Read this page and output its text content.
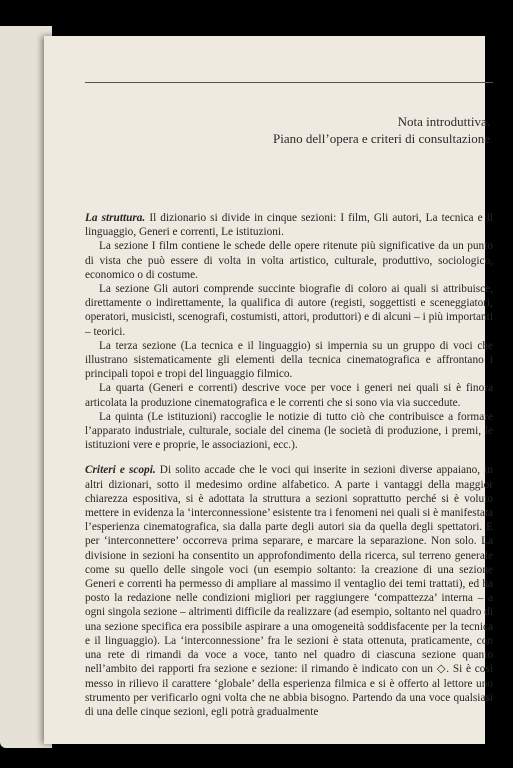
Nota introduttiva.
Piano dell’opera e criteri di consultazione

La struttura. Il dizionario si divide in cinque sezioni: I film, Gli autori, La tecnica e il linguaggio, Generi e correnti, Le istituzioni.

La sezione I film contiene le schede delle opere ritenute più significative da un punto di vista che può essere di volta in volta artistico, culturale, produttivo, sociologico, economico o di costume.

La sezione Gli autori comprende succinte biografie di coloro ai quali si attribuisce, direttamente o indirettamente, la qualifica di autore (registi, soggettisti e sceneggiatori, operatori, musicisti, scenografi, costumisti, attori, produttori) e di alcuni – i più importanti – teorici.

La terza sezione (La tecnica e il linguaggio) si impernia su un gruppo di voci che illustrano sistematicamente gli elementi della tecnica cinematografica e affrontano i principali topoi e tropi del linguaggio filmico.

La quarta (Generi e correnti) descrive voce per voce i generi nei quali si è finora articolata la produzione cinematografica e le correnti che si sono via via succedute.

La quinta (Le istituzioni) raccoglie le notizie di tutto ciò che contribuisce a formare l’apparato industriale, culturale, sociale del cinema (le società di produzione, i premi, le istituzioni vere e proprie, le associazioni, ecc.).

Criteri e scopi. Di solito accade che le voci qui inserite in sezioni diverse appaiano, in altri dizionari, sotto il medesimo ordine alfabetico. A parte i vantaggi della maggior chiarezza espositiva, si è adottata la struttura a sezioni soprattutto perché si è voluto mettere in evidenza la ‘interconnessione’ esistente tra i fenomeni nei quali si è manifestata l’esperienza cinematografica, sia dalla parte degli autori sia da quella degli spettatori. E per ‘interconnettere’ occorreva prima separare, e marcare la separazione. Non solo. La divisione in sezioni ha consentito un approfondimento della ricerca, sul terreno generale come su quello delle singole voci (un esempio soltanto: la creazione di una sezione Generi e correnti ha permesso di ampliare al massimo il ventaglio dei temi trattati), ed ha posto la redazione nelle condizioni migliori per raggiungere ‘compattezza’ interna – a ogni singola sezione – altrimenti difficile da realizzare (ad esempio, soltanto nel quadro di una sezione specifica era possibile aspirare a una omogeneità soddisfacente per la tecnica e il linguaggio). La ‘interconnessione’ fra le sezioni è stata ottenuta, praticamente, con una rete di rimandi da voce a voce, tanto nel quadro di ciascuna sezione quanto nell’ambito dei rapporti fra sezione e sezione: il rimando è indicato con un ◇. Si è così messo in rilievo il carattere ‘globale’ della esperienza filmica e si è offerto al lettore uno strumento per verificarlo ogni volta che ne abbia bisogno. Partendo da una voce qualsiasi di una delle cinque sezioni, egli potrà gradualmente
